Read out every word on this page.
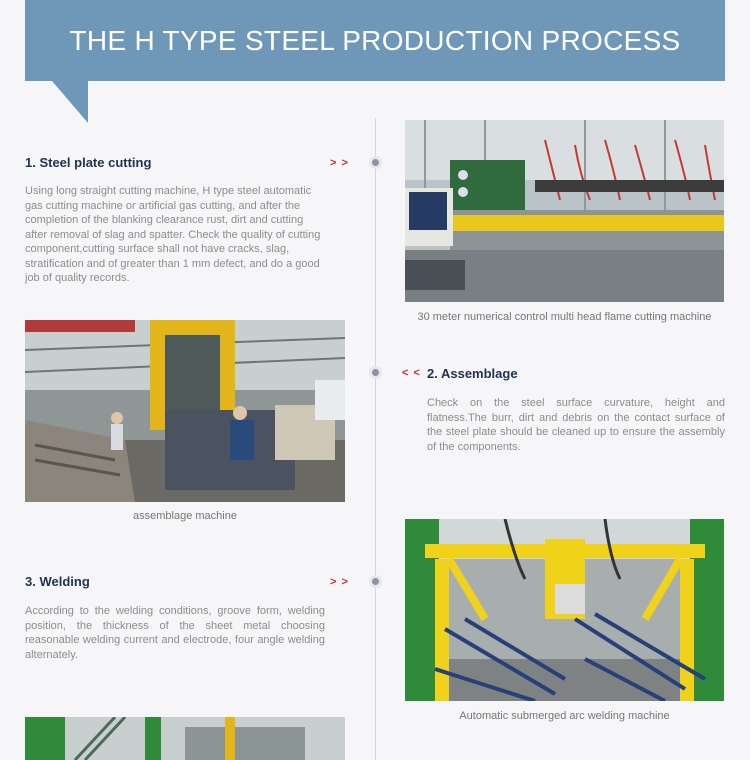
THE H TYPE STEEL PRODUCTION PROCESS
1. Steel plate cutting	> >

Using long straight cutting machine, H type steel automatic gas cutting machine or artificial gas cutting, and after the completion of the blanking clearance rust, dirt and cutting after removal of slag and spatter. Check the quality of cutting component,cutting surface shall not have cracks, slag, stratification and of greater than 1 mm defect, and do a good job of quality records.

30 meter numerical control multi head flame cutting machine
< < 2. Assemblage

Check on the steel surface curvature, height and flatness.The burr, dirt and debris on the contact surface of the steel plate should be cleaned up to ensure the assembly of the components.

assemblage machine
3. Welding	> >

According to the welding conditions, groove form, welding position, the thickness of the sheet metal choosing reasonable welding current and electrode, four angle welding alternately.

Automatic submerged arc welding machine
